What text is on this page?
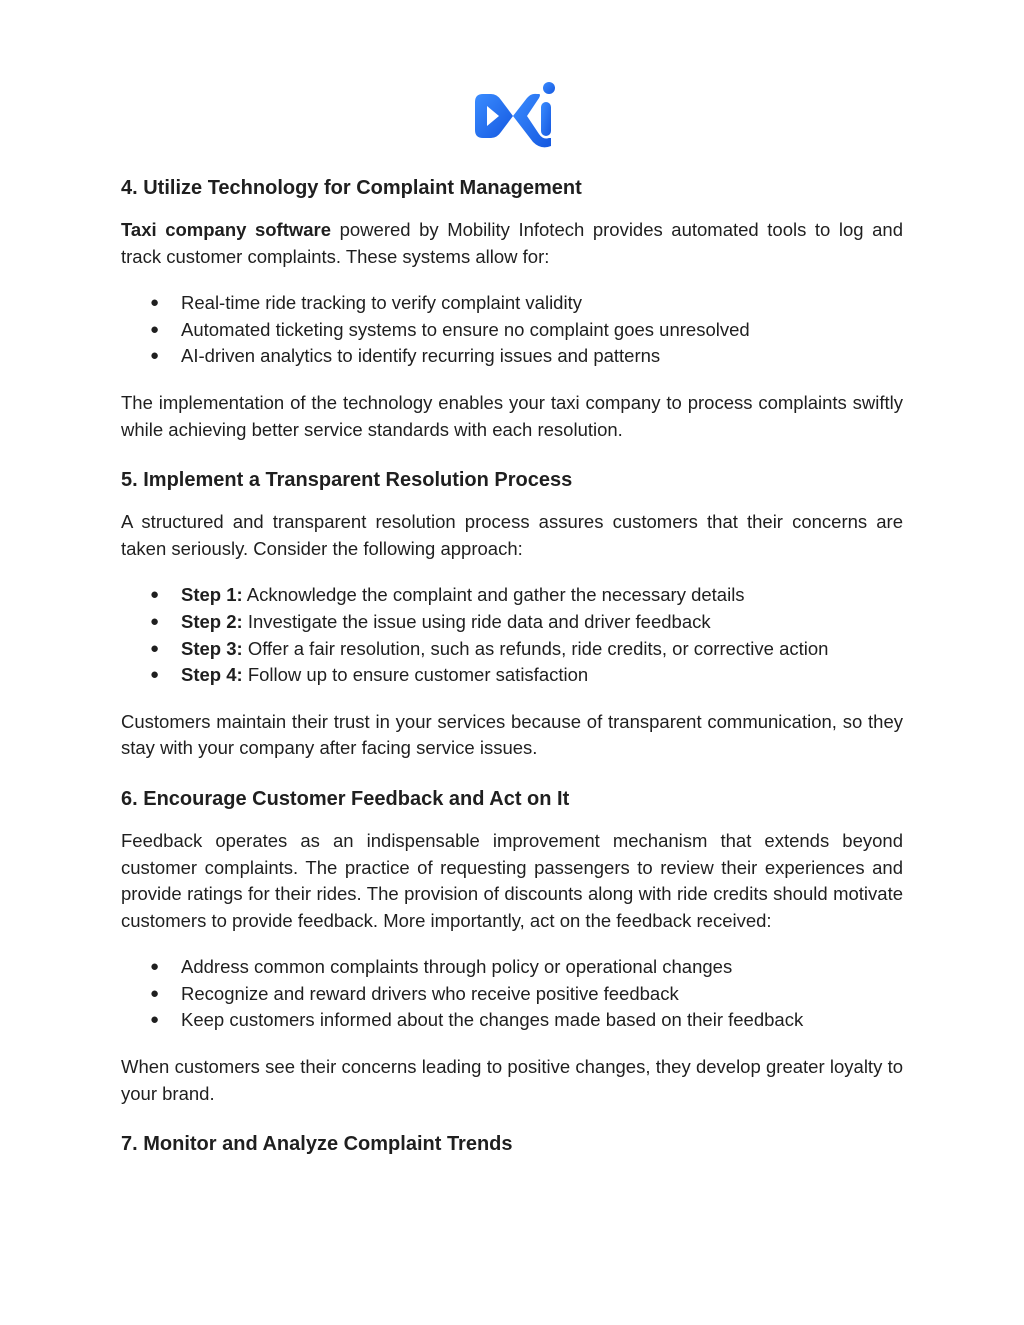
4. Utilize Technology for Complaint Management

Taxi company software powered by Mobility Infotech provides automated tools to log and track customer complaints. These systems allow for:

● Real-time ride tracking to verify complaint validity
● Automated ticketing systems to ensure no complaint goes unresolved
● AI-driven analytics to identify recurring issues and patterns

The implementation of the technology enables your taxi company to process complaints swiftly while achieving better service standards with each resolution.

5. Implement a Transparent Resolution Process

A structured and transparent resolution process assures customers that their concerns are taken seriously. Consider the following approach:

● Step 1: Acknowledge the complaint and gather the necessary details
● Step 2: Investigate the issue using ride data and driver feedback
● Step 3: Offer a fair resolution, such as refunds, ride credits, or corrective action
● Step 4: Follow up to ensure customer satisfaction

Customers maintain their trust in your services because of transparent communication, so they stay with your company after facing service issues.

6. Encourage Customer Feedback and Act on It

Feedback operates as an indispensable improvement mechanism that extends beyond customer complaints. The practice of requesting passengers to review their experiences and provide ratings for their rides. The provision of discounts along with ride credits should motivate customers to provide feedback. More importantly, act on the feedback received:

● Address common complaints through policy or operational changes
● Recognize and reward drivers who receive positive feedback
● Keep customers informed about the changes made based on their feedback

When customers see their concerns leading to positive changes, they develop greater loyalty to your brand.

7. Monitor and Analyze Complaint Trends
